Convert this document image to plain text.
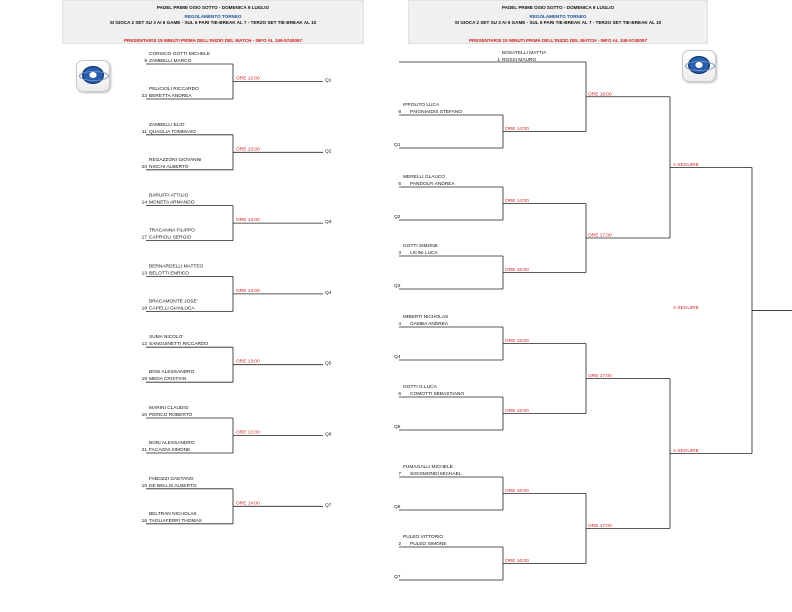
PADEL PRIME OSIO SOTTO - DOMENICA 9 LUGLIO
REGOLAMENTO TORNEO
SI GIOCA 2 SET SU 3 AI 6 GAME - SUL 6 PARI TIE-BREAK AL 7 - TERZO SET TIE-BREAK AL 10
PRESENTARSI 15 MINUTI PRIMA DELL'INIZIO DEL MATCH - INFO AL 349-5740097
PADEL PRIME OSIO SOTTO - DOMENICA 9 LUGLIO
REGOLAMENTO TORNEO
SI GIOCA 2 SET SU 3 AI 6 GAME - SUL 6 PARI TIE-BREAK AL 7 - TERZO SET TIE-BREAK AL 10
PRESENTARSI 15 MINUTI PRIMA DELL'INIZIO DEL MATCH - INFO AL 349-5740097
CORSICO GOTTI MICHELE
9 ZAMBELLI MARCO
PELICIOLI RICCARDO
23 BERETTA ANDREA
ORE 12:00	Q1
ZAMBELLI ELIO
11 QUAGLIA TOMMASO
REGAZZONI GIOVANNI
20 NISCHI ALBERTO
ORE 13:00	Q2
BARUFFI ATTILIO
14 MONETA ARMANDO
TRACANNA FILIPPO
17 CAPRIOLI SERGIO
ORE 13:00	Q3
BERNARDELLI MATTEO
13 BELOTTI ENRICO
BRACAMONTE JOSE'
18 CAPELLI GIANLUCA
ORE 13:00	Q4
SUMA NICOLO'
12 SANGUINETTI RICCARDO
BOSI ALESSANDRO
19 MEDA CRISTIAN
ORE 13:00	Q5
MARINI CLAUDIO
10 PERICO ROBERTO
BONI ALESSANDRO
21 FACAGNI SIMONE
ORE 13:00	Q6
FABOZZI GAETANO
15 DE BELLIS ALBERTO
BELTRAN NICHOLAS
16 TAGLIAFERRI THOMAS
ORE 14:00	Q7
BOSATELLI MATTIA
1 ROSSI MAURO
IPPOLITO LUCA
8 PAIGNIAIDIS STEFANO
Q1
ORE 14:00
MERELLI GLAUCO
5 PANDOLFI ANDREA
Q2
ORE 14:00
GOTTI SIMONE
3 LICINI LUCA
Q3
ORE 15:00
IMBERTI NICHOLAS
4 GAMBA ANDREA
Q4
ORE 15:00
GOTTI G.LUCA
6 COMOTTI SEBASTIANO
Q5
ORE 15:00
FUMAGALLI MICHELE
7 SIGISMONDI MICHAEL
Q6
ORE 16:00
PULEO VITTORIO
2 PULEO SIMONE
Q7
ORE 16:00
ORE 16:00
ORE 17:00
ORE 17:00
ORE 17:00
A SEGUIRE
A SEGUIRE
A SEGUIRE
